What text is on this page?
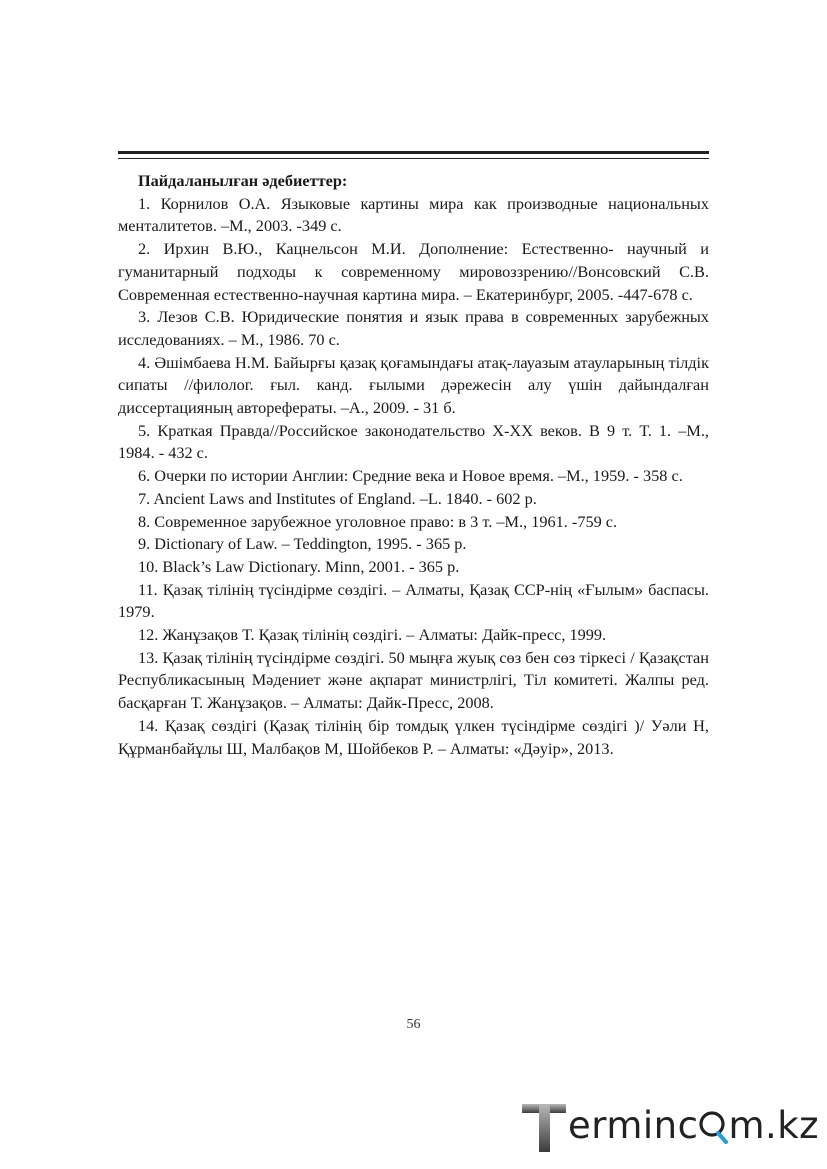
Пайдаланылған әдебиеттер:

1. Корнилов О.А. Языковые картины мира как производные национальных менталитетов. –М., 2003. -349 с.

2. Ирхин В.Ю., Кацнельсон М.И. Дополнение: Естественно- научный и гуманитарный подходы к современному мировоззрению//Вонсовский С.В. Современная естественно-научная картина мира. – Екатеринбург, 2005. -447-678 с.

3. Лезов С.В. Юридические понятия и язык права в современных зарубежных исследованиях. – М., 1986. 70 с.

4. Әшімбаева Н.М. Байырғы қазақ қоғамындағы атақ-лауазым атауларының тілдік сипаты //филолог. ғыл. канд. ғылыми дәрежесін алу үшін дайындалған диссертацияның авторефераты. –А., 2009. - 31 б.

5. Краткая Правда//Российское законодательство X-XX веков. В 9 т. Т. 1. –М., 1984. - 432 с.

6. Очерки по истории Англии: Средние века и Новое время. –М., 1959. - 358 с.

7. Ancient Laws and Institutes of England. –L. 1840. - 602 p.

8. Современное зарубежное уголовное право: в 3 т. –М., 1961. -759 с.

9. Dictionary of Law. – Teddington, 1995. - 365 p.

10. Black’s Law Dictionary. Minn, 2001. - 365 p.

11. Қазақ тілінің түсіндірме сөздігі. – Алматы, Қазақ ССР-нің «Ғылым» баспасы. 1979.

12. Жанұзақов Т. Қазақ тілінің сөздігі. – Алматы: Дайк-пресс, 1999.

13. Қазақ тілінің түсіндірме сөздігі. 50 мыңға жуық сөз бен сөз тіркесі / Қазақстан Республикасының Мәдениет және ақпарат министрлігі, Тіл комитеті. Жалпы ред. басқарған Т. Жанұзақов. – Алматы: Дайк-Пресс, 2008.

14. Қазақ сөздігі (Қазақ тілінің бір томдық үлкен түсіндірме сөздігі )/ Уәли Н, Құрманбайұлы Ш, Малбақов М, Шойбеков Р. – Алматы: «Дәуір», 2013.

56
erminc m.kz
